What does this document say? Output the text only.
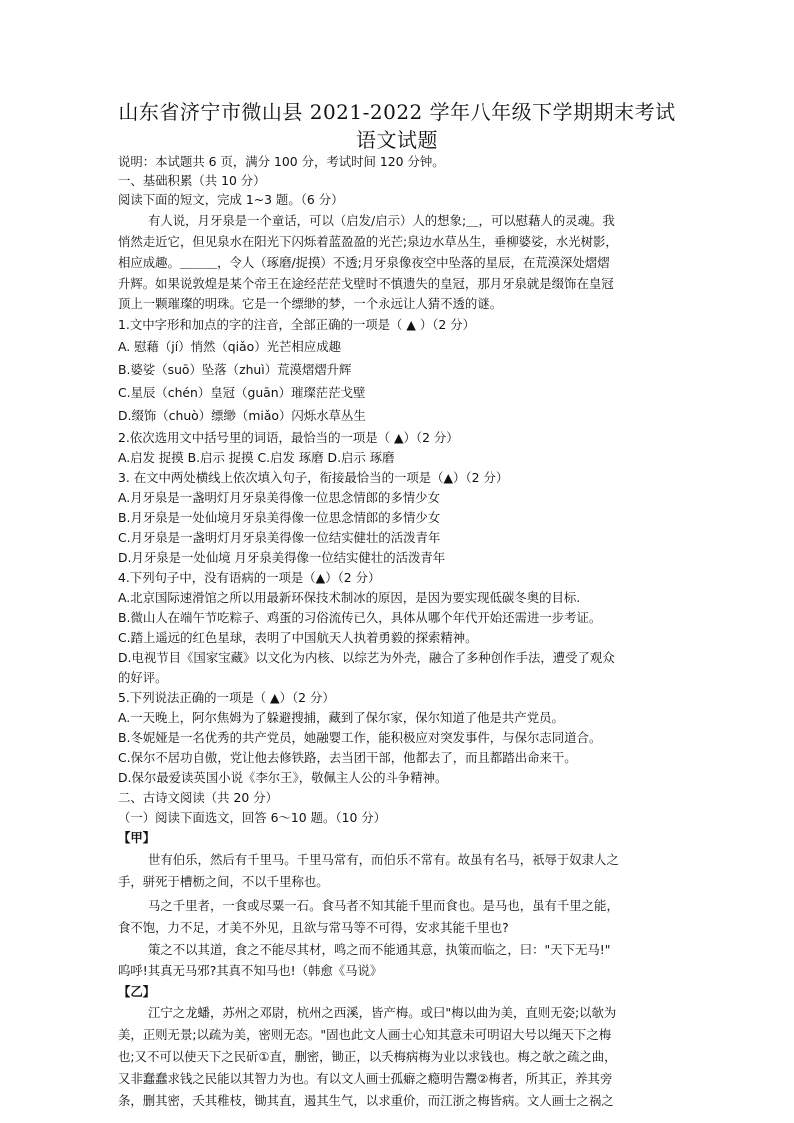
山东省济宁市微山县 2021-2022 学年八年级下学期期末考试
语文试题
说明：本试题共 6 页，满分 100 分，考试时间 120 分钟。
一、基础积累（共 10 分）
阅读下面的短文，完成 1~3 题。（6 分）
有人说，月牙泉是一个童话，可以（启发/启示）人的想象;＿，可以慰藉人的灵魂。我
悄然走近它，但见泉水在阳光下闪烁着蓝盈盈的光芒;泉边水草丛生，垂柳婆娑，水光树影，
相应成趣。＿＿＿，令人（琢磨/捉摸）不透;月牙泉像夜空中坠落的星辰，在荒漠深处熠熠
升辉。如果说敦煌是某个帝王在途经茫茫戈壁时不慎遗失的皇冠，那月牙泉就是缀饰在皇冠
顶上一颗璀璨的明珠。它是一个缥缈的梦，一个永远让人猜不透的谜。
1.文中字形和加点的字的注音，全部正确的一项是（ ▲ ）（2 分）
A. 慰藉（jí）悄然（qiǎo）光芒相应成趣
B.婆娑（suō）坠落（zhuì）荒漠熠熠升辉
C.星辰（chén）皇冠（guān）璀璨茫茫戈壁
D.缀饰（chuò）缥缈（miǎo）闪烁水草丛生
2.依次选用文中括号里的词语，最恰当的一项是（ ▲）（2 分）
A.启发 捉摸 B.启示 捉摸 C.启发 琢磨 D.启示 琢磨
3. 在文中两处横线上依次填入句子，衔接最恰当的一项是（▲）（2 分）
A.月牙泉是一盏明灯月牙泉美得像一位思念情郎的多情少女
B.月牙泉是一处仙境月牙泉美得像一位思念情郎的多情少女
C.月牙泉是一盏明灯月牙泉美得像一位结实健壮的活泼青年
D.月牙泉是一处仙境 月牙泉美得像一位结实健壮的活泼青年
4.下列句子中，没有语病的一项是（▲）（2 分）
A.北京国际速滑馆之所以用最新环保技术制冰的原因，是因为要实现低碳冬奥的目标.
B.微山人在端午节吃粽子、鸡蛋的习俗流传已久，具体从哪个年代开始还需进一步考证。
C.踏上遥远的红色星球，表明了中国航天人执着勇毅的探索精神。
D.电视节目《国家宝藏》以文化为内核、以综艺为外壳，融合了多种创作手法，遭受了观众
的好评。
5.下列说法正确的一项是（ ▲）（2 分）
A.一天晚上，阿尔焦姆为了躲避搜捕，藏到了保尔家，保尔知道了他是共产党员。
B.冬妮娅是一名优秀的共产党员，她融婴工作，能积极应对突发事件，与保尔志同道合。
C.保尔不居功自傲，党让他去修铁路，去当团干部，他都去了，而且都踏出命来干。
D.保尔最爱读英国小说《李尔王》，敬佩主人公的斗争精神。
二、古诗文阅读（共 20 分）
（一）阅读下面选文，回答 6～10 题。（10 分）
【甲】
世有伯乐，然后有千里马。千里马常有，而伯乐不常有。故虽有名马，祇辱于奴隶人之
手，骈死于槽枥之间，不以千里称也。
马之千里者，一食或尽粟一石。食马者不知其能千里而食也。是马也，虽有千里之能，
食不饱，力不足，才美不外见，且欲与常马等不可得，安求其能千里也?
策之不以其道，食之不能尽其材，鸣之而不能通其意，执策而临之，曰："天下无马!"
呜呼!其真无马邪?其真不知马也!（韩愈《马说》
【乙】
江宁之龙蟠，苏州之邓尉，杭州之西溪，皆产梅。或曰"梅以曲为美，直则无姿;以欹为
美，正则无景;以疏为美，密则无态。"固也此文人画士心知其意未可明诏大号以绳天下之梅
也;又不可以使天下之民斫①直，删密，锄正，以夭梅病梅为业以求钱也。梅之欹之疏之曲，
又非蠢蠢求钱之民能以其智力为也。有以文人画士孤癖之瘾明告鬻②梅者，所其正，养其旁
条，删其密，夭其稚枝，锄其直，遏其生气，以求重价，而江浙之梅皆病。文人画士之祸之
